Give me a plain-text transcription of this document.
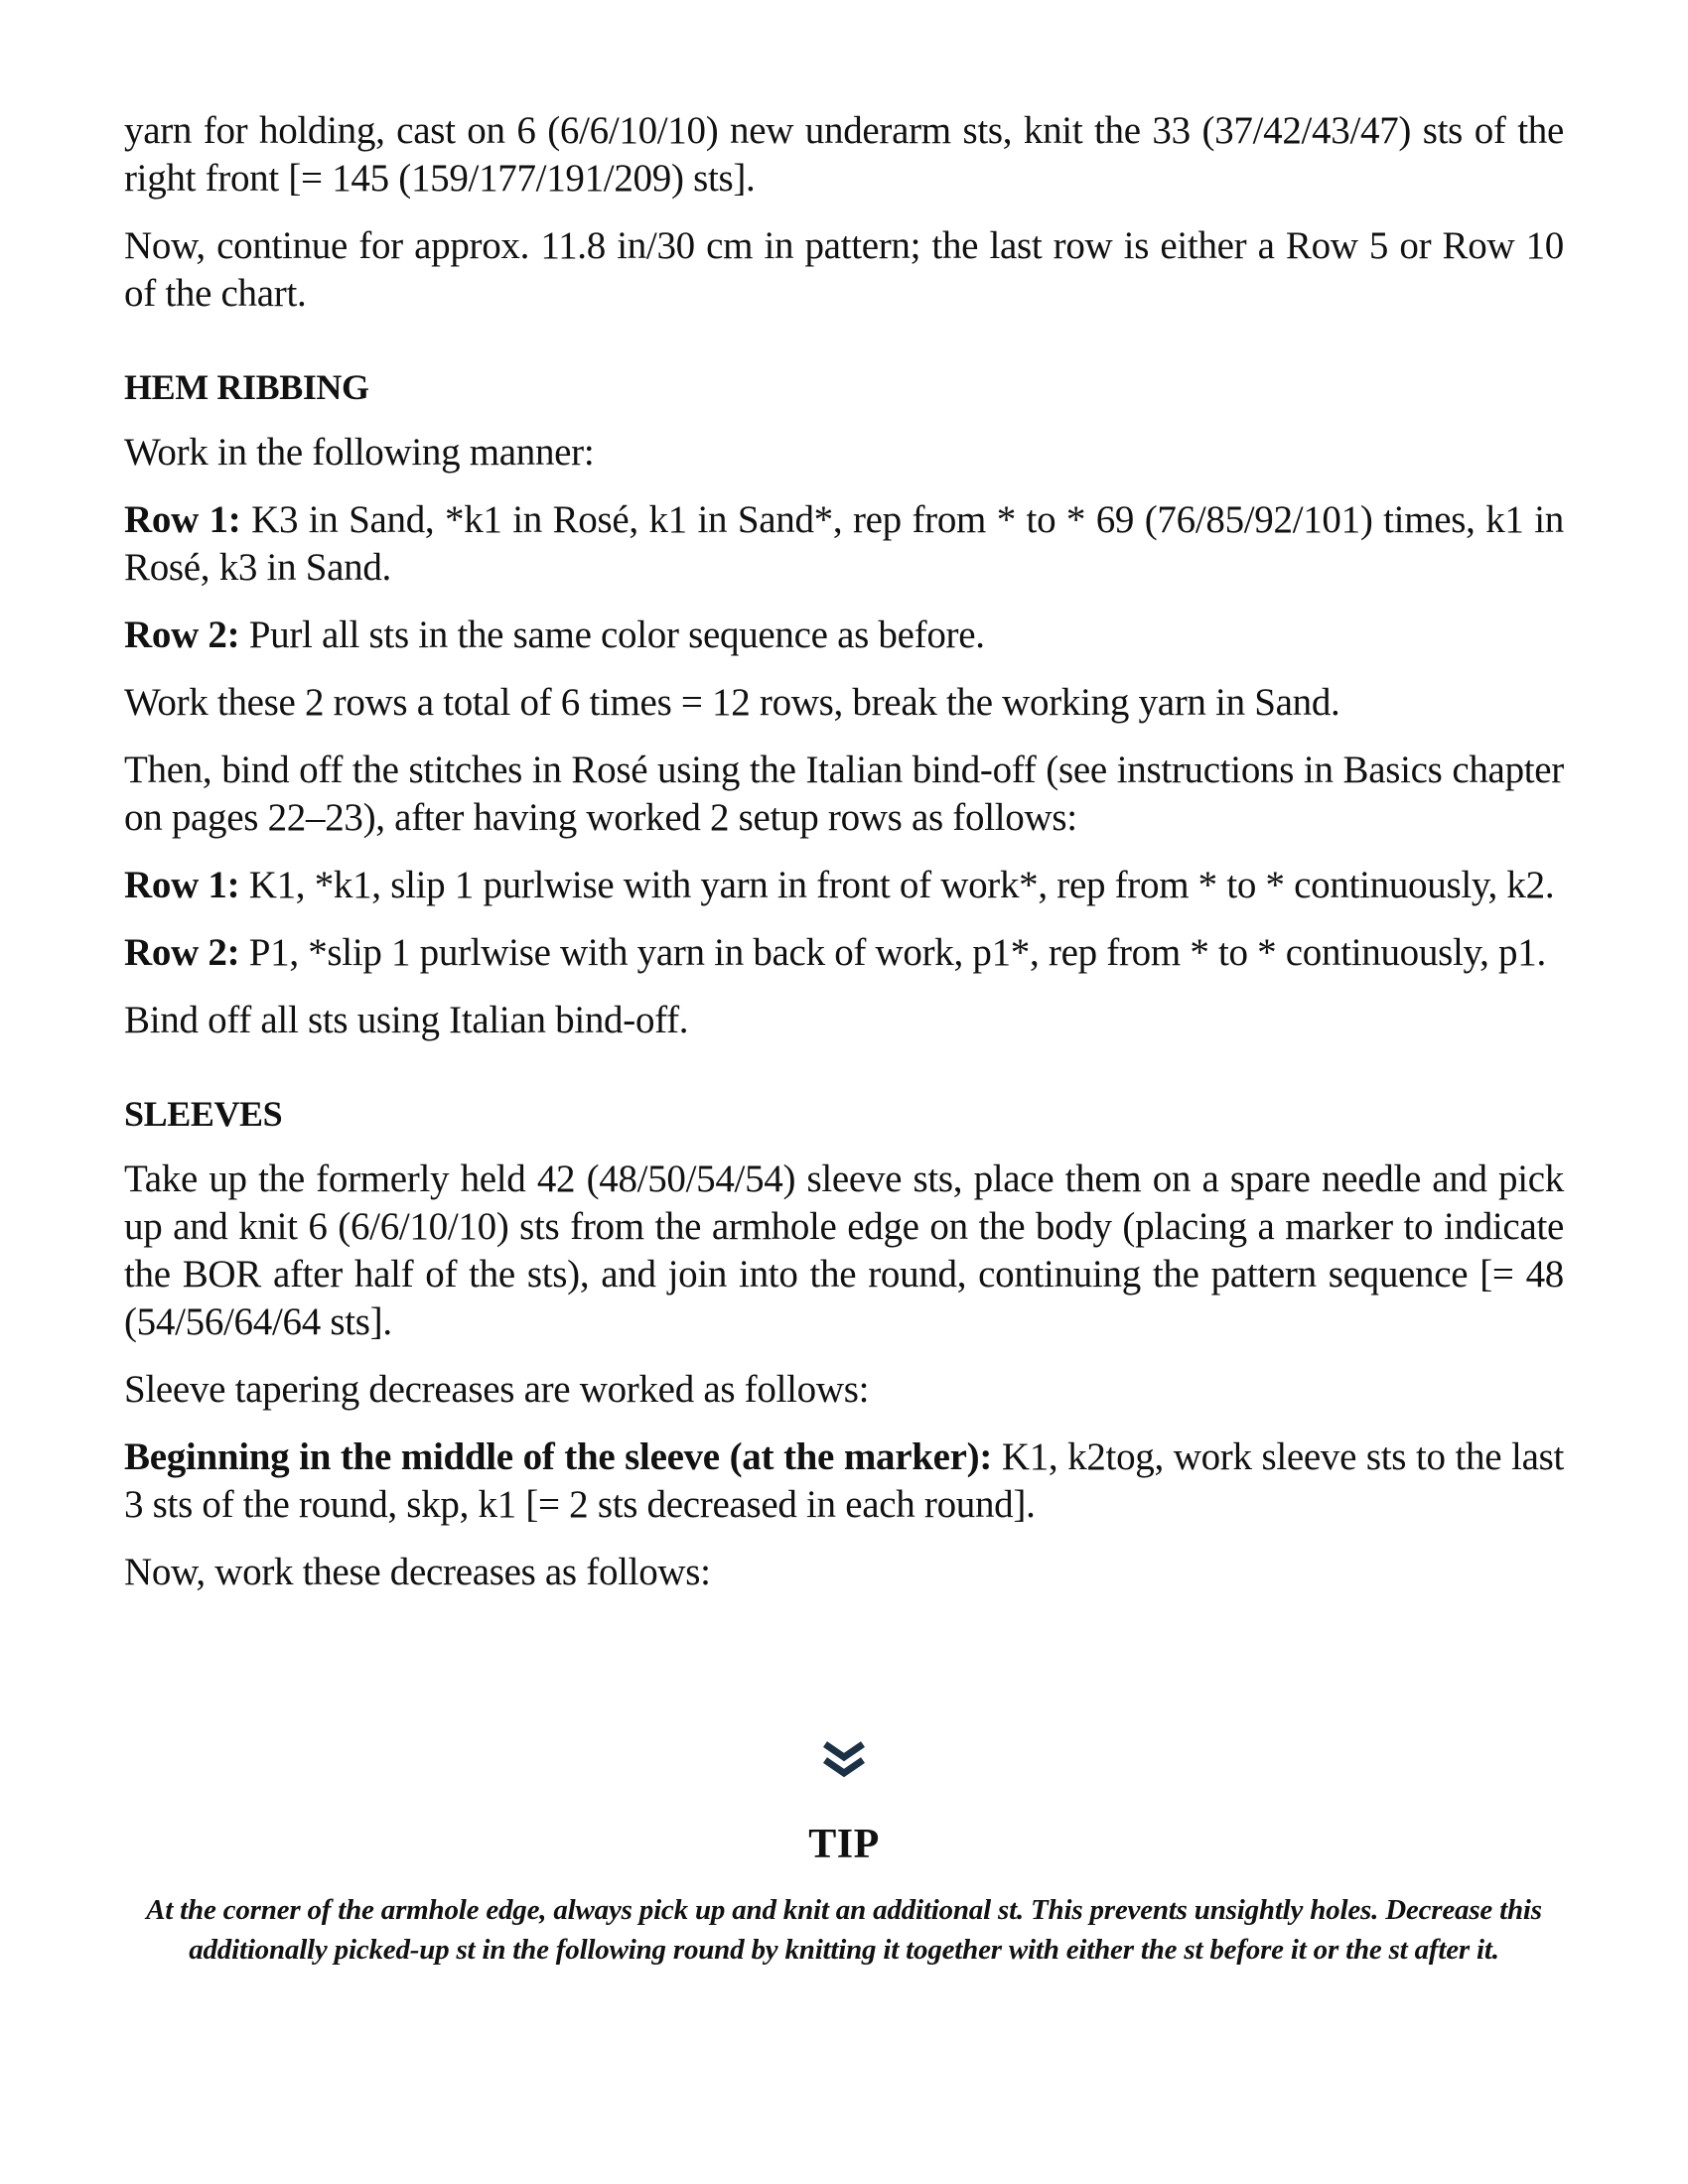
yarn for holding, cast on 6 (6/6/10/10) new underarm sts, knit the 33 (37/42/43/47) sts of the right front [= 145 (159/177/191/209) sts].

Now, continue for approx. 11.8 in/30 cm in pattern; the last row is either a Row 5 or Row 10 of the chart.

HEM RIBBING

Work in the following manner:

Row 1: K3 in Sand, *k1 in Rosé, k1 in Sand*, rep from * to * 69 (76/85/92/101) times, k1 in Rosé, k3 in Sand.

Row 2: Purl all sts in the same color sequence as before.

Work these 2 rows a total of 6 times = 12 rows, break the working yarn in Sand.

Then, bind off the stitches in Rosé using the Italian bind-off (see instructions in Basics chapter on pages 22–23), after having worked 2 setup rows as follows:

Row 1: K1, *k1, slip 1 purlwise with yarn in front of work*, rep from * to * continuously, k2.

Row 2: P1, *slip 1 purlwise with yarn in back of work, p1*, rep from * to * continuously, p1.

Bind off all sts using Italian bind-off.

SLEEVES

Take up the formerly held 42 (48/50/54/54) sleeve sts, place them on a spare needle and pick up and knit 6 (6/6/10/10) sts from the armhole edge on the body (placing a marker to indicate the BOR after half of the sts), and join into the round, continuing the pattern sequence [= 48 (54/56/64/64 sts].

Sleeve tapering decreases are worked as follows:

Beginning in the middle of the sleeve (at the marker): K1, k2tog, work sleeve sts to the last 3 sts of the round, skp, k1 [= 2 sts decreased in each round].

Now, work these decreases as follows:

TIP
At the corner of the armhole edge, always pick up and knit an additional st. This prevents unsightly holes. Decrease this additionally picked-up st in the following round by knitting it together with either the st before it or the st after it.
